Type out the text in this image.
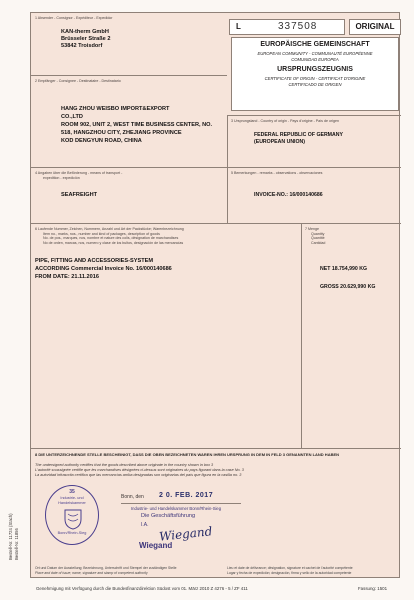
Bestell-Nr. 11724 (Stach) Bestell-Nr. 11856
1 Absender - Consignor - Expéditeur - Expedidor
KAN-therm GmbH
Brüsseler Straße 2
53842 Troisdorf
L	337508	ORIGINAL
2 Empfänger - Consignee - Destinataire - Destinatario
HANG ZHOU WEISBO IMPORT&EXPORT
CO.,LTD
ROOM 902, UNIT 2, WEST TIME BUSINESS CENTER, NO.
518, HANGZHOU CITY, ZHEJIANG PROVINCE
KOD DENGYUN ROAD, CHINA
EUROPÄISCHE GEMEINSCHAFT
EUROPEAN COMMUNITY - COMMUNAUTÉ EUROPÉENNE
COMUNIDAD EUROPEA
URSPRUNGSZEUGNIS
CERTIFICATE OF ORIGIN - CERTIFICAT D'ORIGINE
CERTIFICADO DE ORIGEN
3 Ursprungsland - Country of origin - Pays d'origine - País de origen
FEDERAL REPUBLIC OF GERMANY
(EUROPEAN UNION)
4 Angaben über die Beförderung - means of transport -
expedition - expedición
SEAFREIGHT
5 Bemerkungen - remarks - observations - observaciones
INVOICE-NO.: 16/000140686
6 Laufende Nummer, Zeichen, Nummern, Anzahl und Art der Packstücke; Warenbezeichnung
Item no., marks, nos., number and kind of packages, description of goods
No. de pos., marques, nos, nombre et nature des colis, désignation de marchandises
No de orden, marcas, nos, numero y clase de los bultos, designación de las mercancías
PIPE, FITTING AND ACCESSORIES-SYSTEM
ACCORDING Commercial Invoice No. 16/000140686
FROM DATE: 21.11.2016
7 Menge
Quantity
Quantité
Cantidad
NET 18.754,990 KG
GROSS 20.629,990 KG
8 DIE UNTERZEICHNENDE STELLE BESCHEINIGT, DASS DIE OBEN BEZEICHNETEN WAREN IHREN URSPRUNG IN DEM IN FELD 3 GENANNTEN LAND HABEN
The undersigned authority certifies that the goods described above originate in the country shown in box 3
L'autorité soussignée certifie que les marchandises désignées ci-dessus sont originaires du pays figurant dans la case No. 3
La autoridad infrascrita certifica que las mercancías arriba designadas son originarias del país que figura en la casilla no. 3
35
Industrie- und
Handelskammer
Bonn/Rhein-Sieg
Bonn, den 2 0. FEB. 2017
Industrie- und Handelskammer Bonn/Rhein-Sieg
Die Geschäftsführung
I.A. Wiegand
Wiegand
Ort und Datum der Ausstellung; Bezeichnung, Unterschrift und Stempel der zuständigen Stelle
Place and date of issue; name, signature and stamp of competent authority
Lieu et date de délivrance; désignation, signature et cachet de l'autorité compétente
Lugar y fecha de expedición; designación, firma y sello de la autoridad competente
Genehmigung mit Verfügung durch die Bundesfinanzdirektion Südost vom 01. März 2010 Z 4276 - 5 / ZF 411	Fassung: 1501
